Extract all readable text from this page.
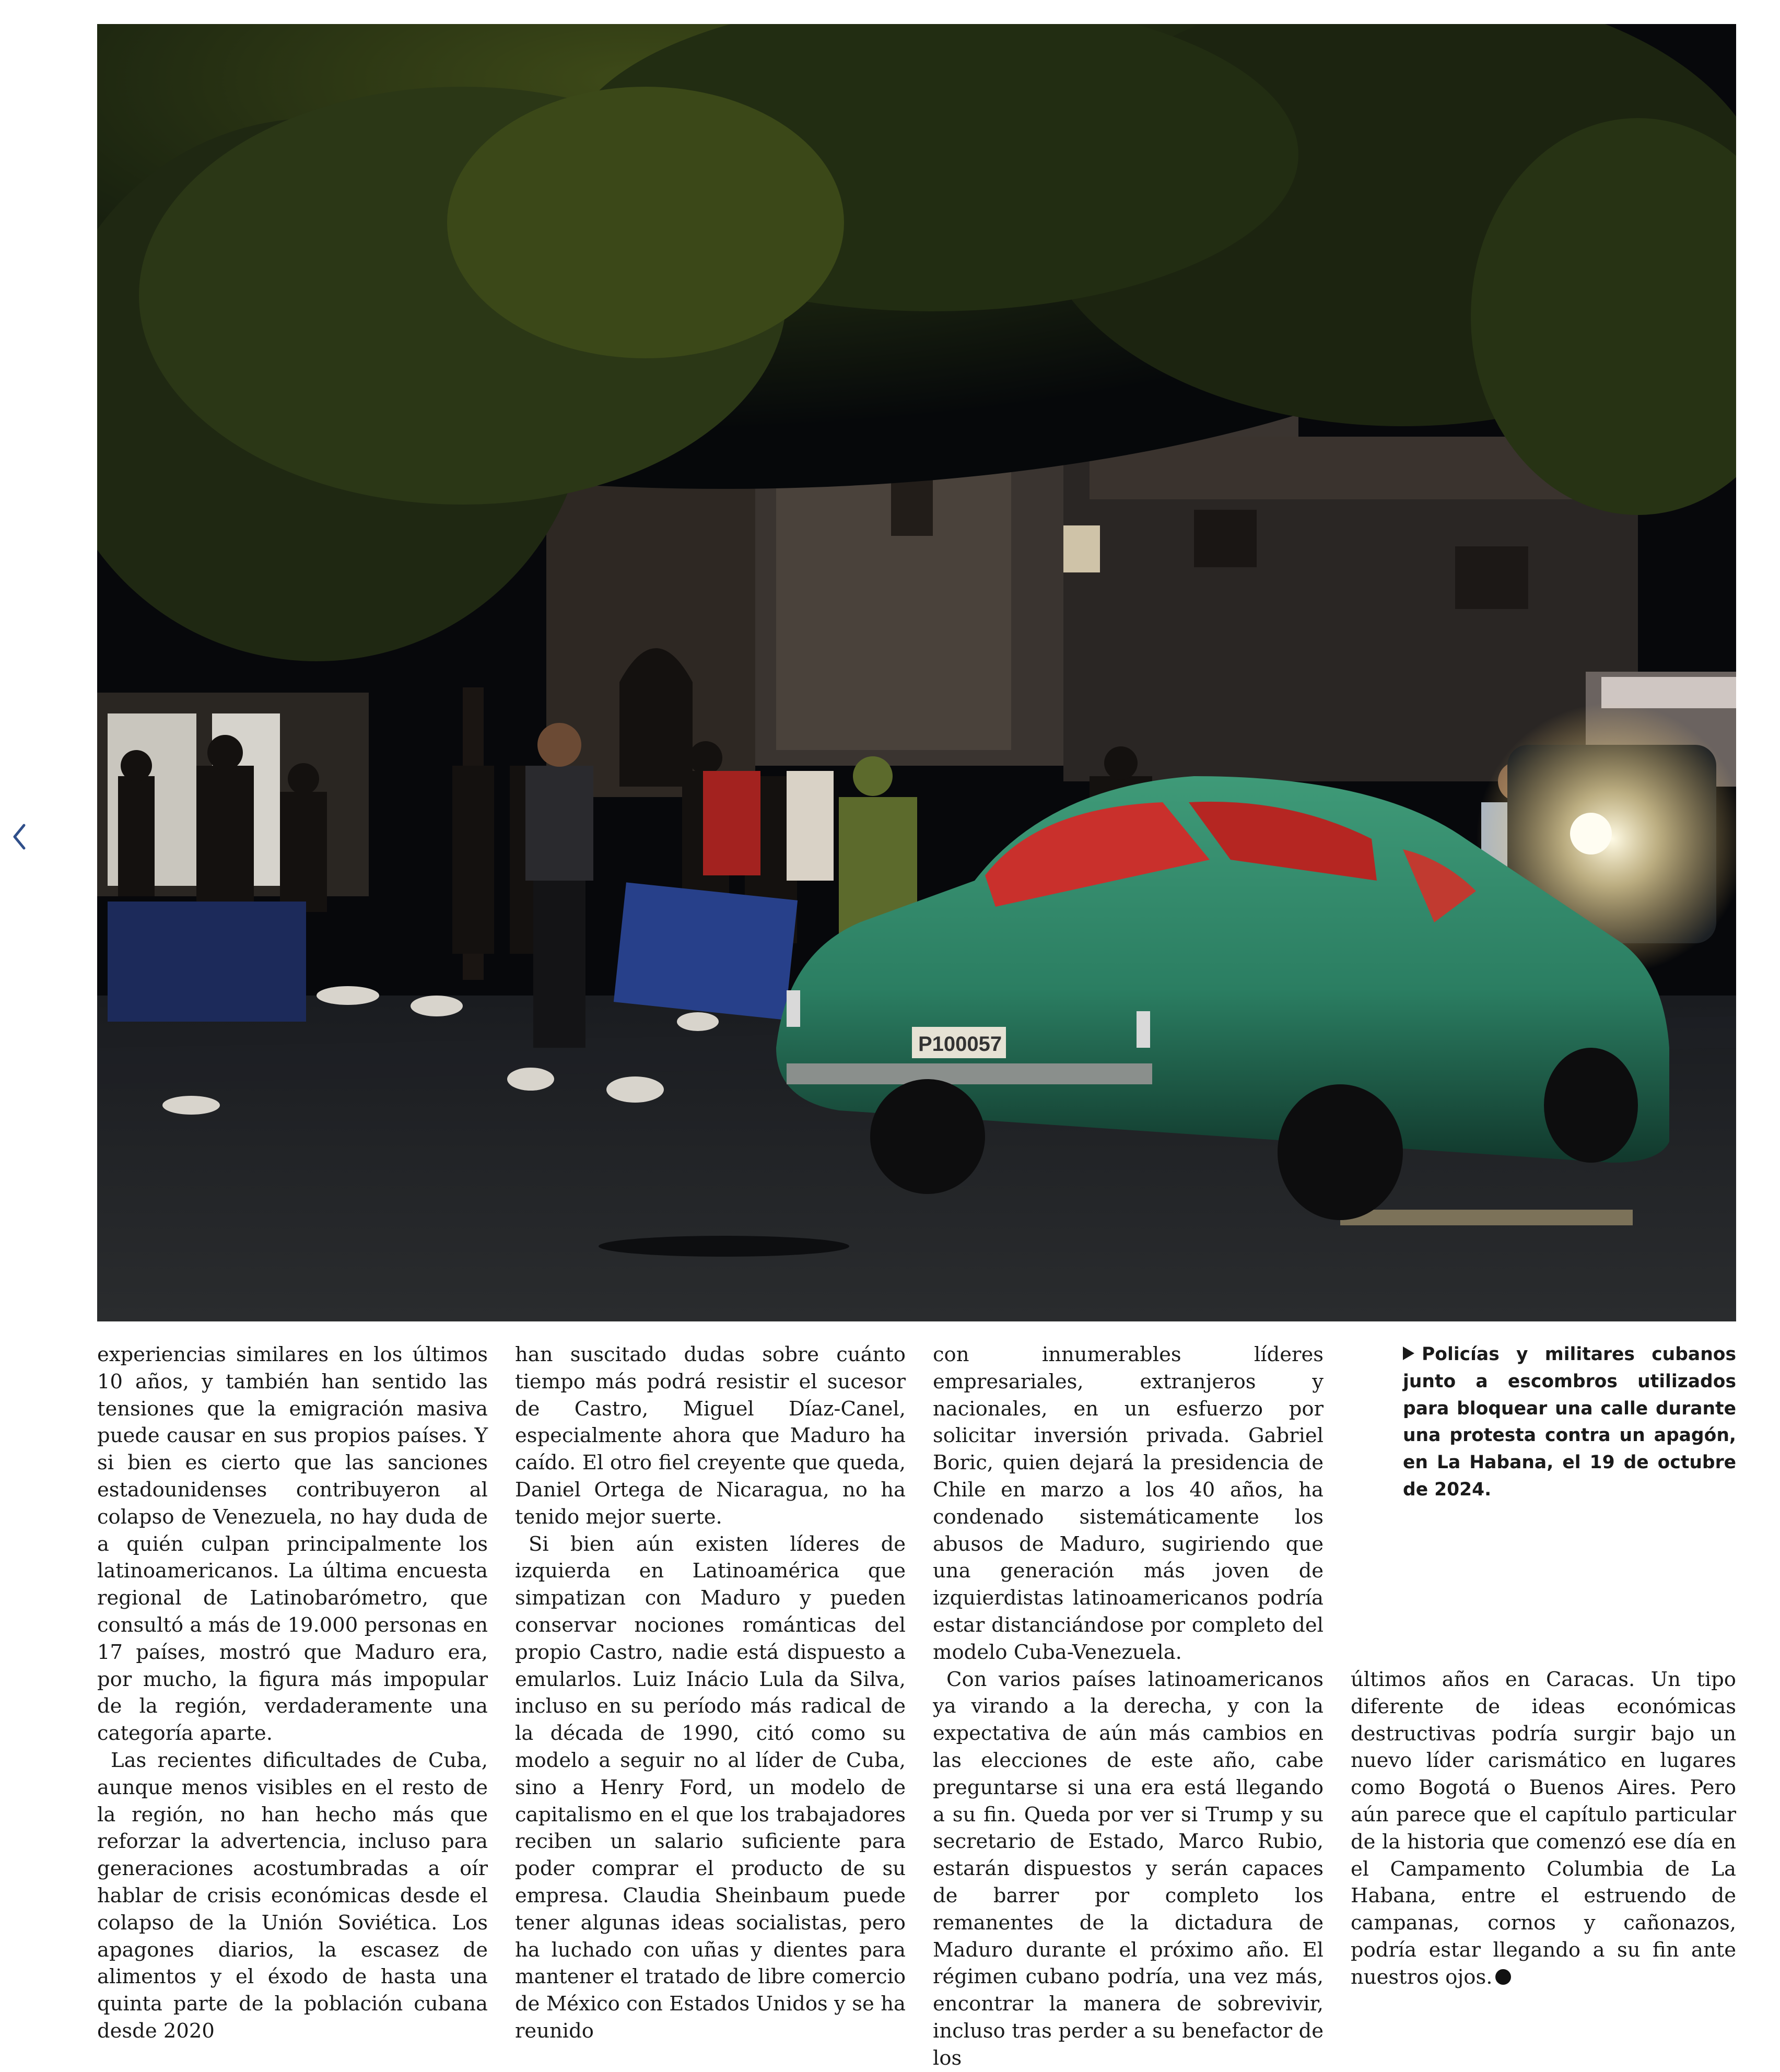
P100057

experiencias similares en los últimos 10 años, y también han sentido las tensiones que la emigración masiva puede causar en sus propios países. Y si bien es cierto que las sanciones estadounidenses contribuyeron al colapso de Venezuela, no hay duda de a quién culpan principalmente los latinoamericanos. La última encuesta regional de Latinobarómetro, que consultó a más de 19.000 personas en 17 países, mostró que Maduro era, por mucho, la figura más impopular de la región, verdaderamente una categoría aparte.

Las recientes dificultades de Cuba, aunque menos visibles en el resto de la región, no han hecho más que reforzar la advertencia, incluso para generaciones acostumbradas a oír hablar de crisis económicas desde el colapso de la Unión Soviética. Los apagones diarios, la escasez de alimentos y el éxodo de hasta una quinta parte de la población cubana desde 2020

han suscitado dudas sobre cuánto tiempo más podrá resistir el sucesor de Castro, Miguel Díaz-Canel, especialmente ahora que Maduro ha caído. El otro fiel creyente que queda, Daniel Ortega de Nicaragua, no ha tenido mejor suerte.

Si bien aún existen líderes de izquierda en Latinoamérica que simpatizan con Maduro y pueden conservar nociones románticas del propio Castro, nadie está dispuesto a emularlos. Luiz Inácio Lula da Silva, incluso en su período más radical de la década de 1990, citó como su modelo a seguir no al líder de Cuba, sino a Henry Ford, un modelo de capitalismo en el que los trabajadores reciben un salario suficiente para poder comprar el producto de su empresa. Claudia Sheinbaum puede tener algunas ideas socialistas, pero ha luchado con uñas y dientes para mantener el tratado de libre comercio de México con Estados Unidos y se ha reunido

con innumerables líderes empresariales, extranjeros y nacionales, en un esfuerzo por solicitar inversión privada. Gabriel Boric, quien dejará la presidencia de Chile en marzo a los 40 años, ha condenado sistemáticamente los abusos de Maduro, sugiriendo que una generación más joven de izquierdistas latinoamericanos podría estar distanciándose por completo del modelo Cuba-Venezuela.

Con varios países latinoamericanos ya virando a la derecha, y con la expectativa de aún más cambios en las elecciones de este año, cabe preguntarse si una era está llegando a su fin. Queda por ver si Trump y su secretario de Estado, Marco Rubio, estarán dispuestos y serán capaces de barrer por completo los remanentes de la dictadura de Maduro durante el próximo año. El régimen cubano podría, una vez más, encontrar la manera de sobrevivir, incluso tras perder a su benefactor de los

Policías y militares cubanos junto a escombros utilizados para bloquear una calle durante una protesta contra un apagón, en La Habana, el 19 de octubre de 2024.

últimos años en Caracas. Un tipo diferente de ideas económicas destructivas podría surgir bajo un nuevo líder carismático en lugares como Bogotá o Buenos Aires. Pero aún parece que el capítulo particular de la historia que comenzó ese día en el Campamento Columbia de La Habana, entre el estruendo de campanas, cornos y cañonazos, podría estar llegando a su fin ante nuestros ojos.
